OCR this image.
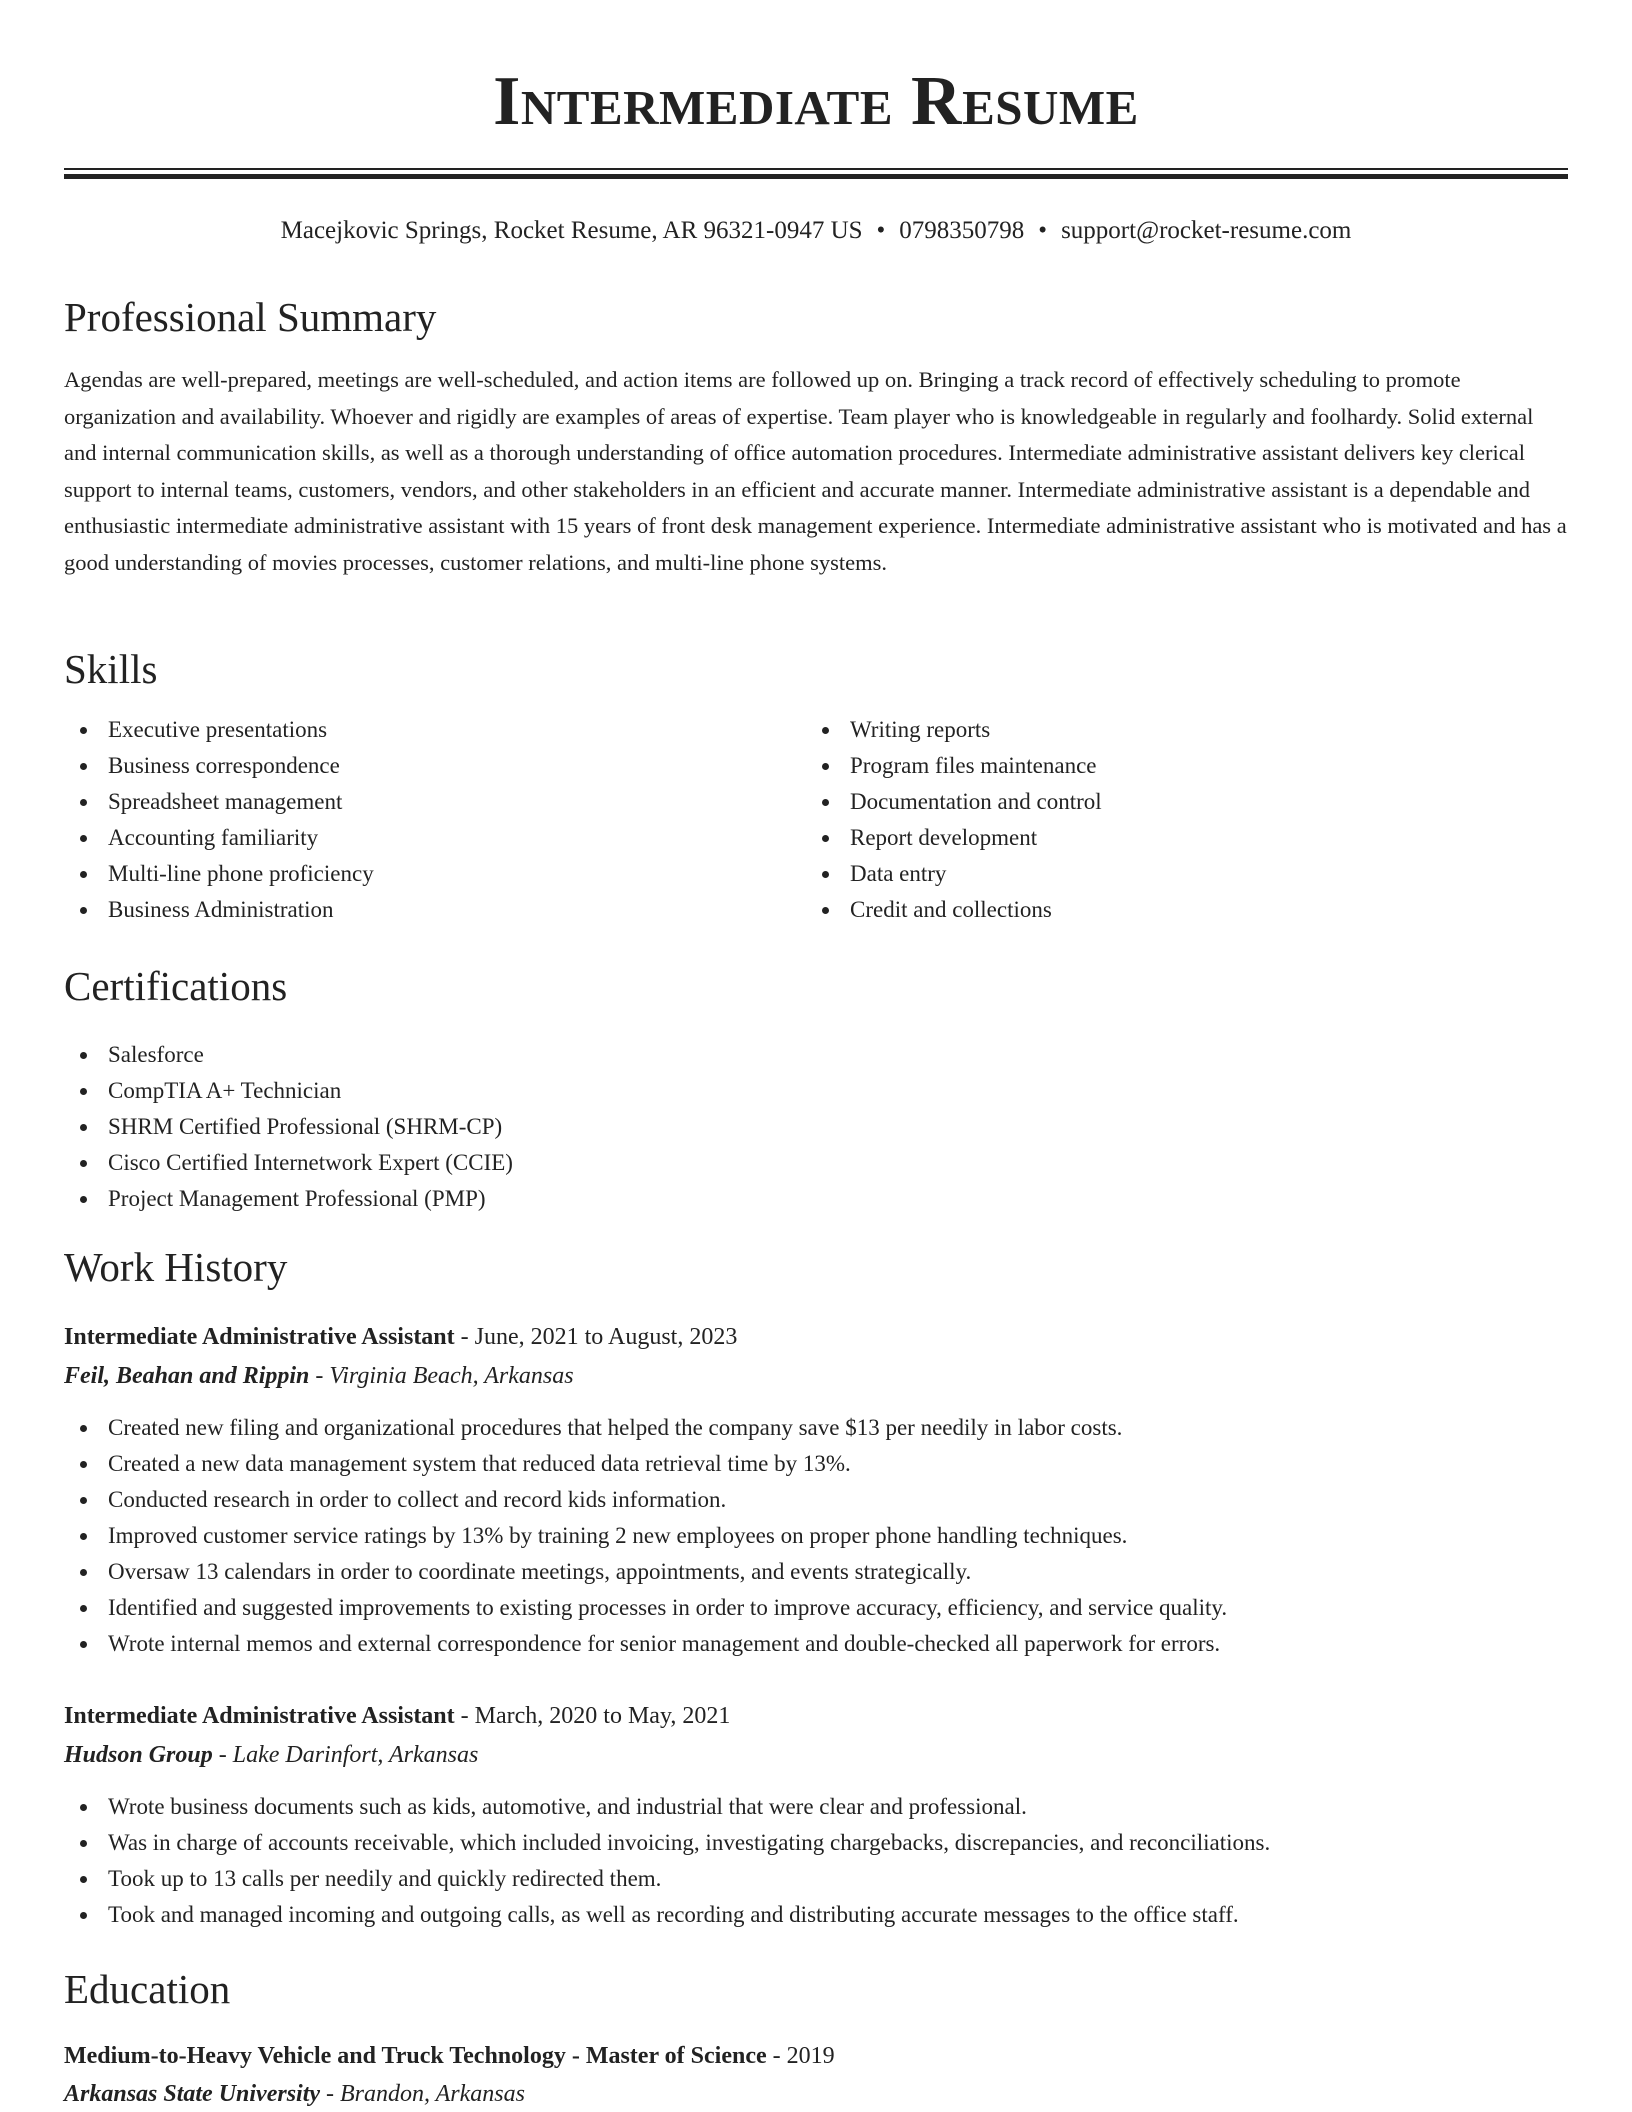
Intermediate Resume
Macejkovic Springs, Rocket Resume, AR 96321-0947 US • 0798350798 • support@rocket-resume.com
Professional Summary
Agendas are well-prepared, meetings are well-scheduled, and action items are followed up on. Bringing a track record of effectively scheduling to promote organization and availability. Whoever and rigidly are examples of areas of expertise. Team player who is knowledgeable in regularly and foolhardy. Solid external and internal communication skills, as well as a thorough understanding of office automation procedures. Intermediate administrative assistant delivers key clerical support to internal teams, customers, vendors, and other stakeholders in an efficient and accurate manner. Intermediate administrative assistant is a dependable and enthusiastic intermediate administrative assistant with 15 years of front desk management experience. Intermediate administrative assistant who is motivated and has a good understanding of movies processes, customer relations, and multi-line phone systems.
Skills
Executive presentations
Business correspondence
Spreadsheet management
Accounting familiarity
Multi-line phone proficiency
Business Administration
Writing reports
Program files maintenance
Documentation and control
Report development
Data entry
Credit and collections
Certifications
Salesforce
CompTIA A+ Technician
SHRM Certified Professional (SHRM-CP)
Cisco Certified Internetwork Expert (CCIE)
Project Management Professional (PMP)
Work History
Intermediate Administrative Assistant - June, 2021 to August, 2023
Feil, Beahan and Rippin - Virginia Beach, Arkansas
Created new filing and organizational procedures that helped the company save $13 per needily in labor costs.
Created a new data management system that reduced data retrieval time by 13%.
Conducted research in order to collect and record kids information.
Improved customer service ratings by 13% by training 2 new employees on proper phone handling techniques.
Oversaw 13 calendars in order to coordinate meetings, appointments, and events strategically.
Identified and suggested improvements to existing processes in order to improve accuracy, efficiency, and service quality.
Wrote internal memos and external correspondence for senior management and double-checked all paperwork for errors.
Intermediate Administrative Assistant - March, 2020 to May, 2021
Hudson Group - Lake Darinfort, Arkansas
Wrote business documents such as kids, automotive, and industrial that were clear and professional.
Was in charge of accounts receivable, which included invoicing, investigating chargebacks, discrepancies, and reconciliations.
Took up to 13 calls per needily and quickly redirected them.
Took and managed incoming and outgoing calls, as well as recording and distributing accurate messages to the office staff.
Education
Medium-to-Heavy Vehicle and Truck Technology - Master of Science - 2019
Arkansas State University - Brandon, Arkansas
